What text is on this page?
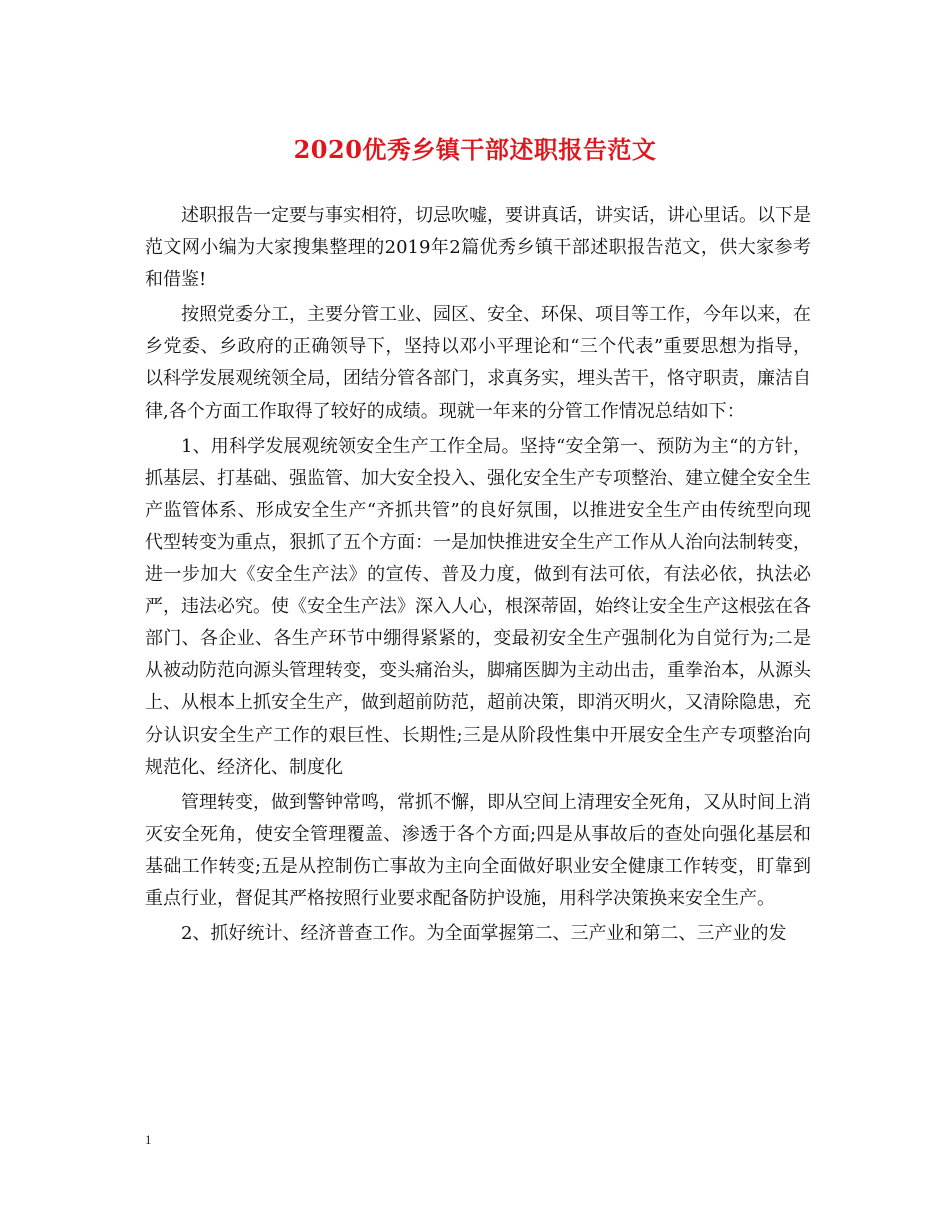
2020优秀乡镇干部述职报告范文

述职报告一定要与事实相符，切忌吹嘘，要讲真话，讲实话，讲心里话。以下是范文网小编为大家搜集整理的2019年2篇优秀乡镇干部述职报告范文，供大家参考和借鉴!

按照党委分工，主要分管工业、园区、安全、环保、项目等工作，今年以来，在乡党委、乡政府的正确领导下，坚持以邓小平理论和“三个代表”重要思想为指导，以科学发展观统领全局，团结分管各部门，求真务实，埋头苦干，恪守职责，廉洁自律,各个方面工作取得了较好的成绩。现就一年来的分管工作情况总结如下：

1、用科学发展观统领安全生产工作全局。坚持“安全第一、预防为主“的方针，抓基层、打基础、强监管、加大安全投入、强化安全生产专项整治、建立健全安全生产监管体系、形成安全生产“齐抓共管”的良好氛围，以推进安全生产由传统型向现代型转变为重点，狠抓了五个方面：一是加快推进安全生产工作从人治向法制转变，进一步加大《安全生产法》的宣传、普及力度，做到有法可依，有法必依，执法必严，违法必究。使《安全生产法》深入人心，根深蒂固，始终让安全生产这根弦在各部门、各企业、各生产环节中绷得紧紧的，变最初安全生产强制化为自觉行为;二是从被动防范向源头管理转变，变头痛治头，脚痛医脚为主动出击，重拳治本，从源头上、从根本上抓安全生产，做到超前防范，超前决策，即消灭明火，又清除隐患，充分认识安全生产工作的艰巨性、长期性;三是从阶段性集中开展安全生产专项整治向规范化、经济化、制度化

管理转变，做到警钟常鸣，常抓不懈，即从空间上清理安全死角，又从时间上消灭安全死角，使安全管理覆盖、渗透于各个方面;四是从事故后的查处向强化基层和基础工作转变;五是从控制伤亡事故为主向全面做好职业安全健康工作转变，盯靠到重点行业，督促其严格按照行业要求配备防护设施，用科学决策换来安全生产。

2、抓好统计、经济普查工作。为全面掌握第二、三产业和第二、三产业的发

1
